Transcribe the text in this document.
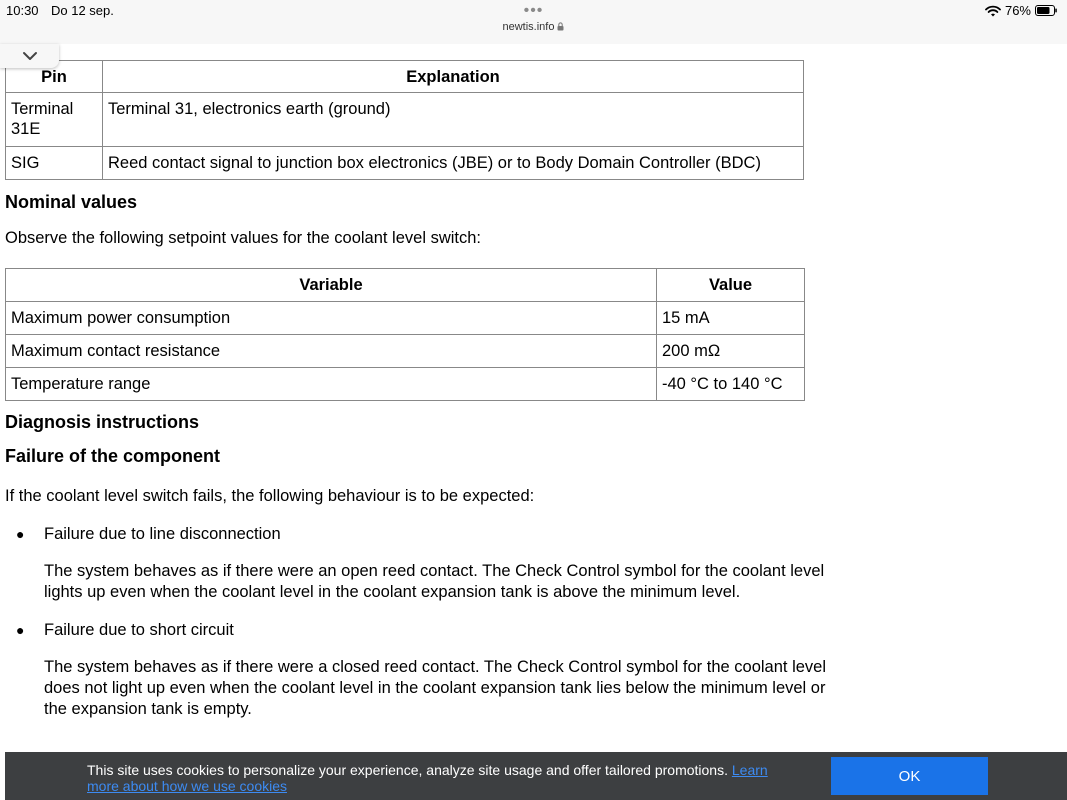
10:30 Do 12 sep.	•••
newtis.info
76%
Pin	Explanation
Terminal 31E	Terminal 31, electronics earth (ground)
SIG	Reed contact signal to junction box electronics (JBE) or to Body Domain Controller (BDC)
Nominal values

Observe the following setpoint values for the coolant level switch:

Variable	Value
Maximum power consumption	15 mA
Maximum contact resistance	200 mΩ
Temperature range	-40 °C to 140 °C
Diagnosis instructions
Failure of the component

If the coolant level switch fails, the following behaviour is to be expected:

● Failure due to line disconnection

The system behaves as if there were an open reed contact. The Check Control symbol for the coolant level lights up even when the coolant level in the coolant expansion tank is above the minimum level.

● Failure due to short circuit

The system behaves as if there were a closed reed contact. The Check Control symbol for the coolant level does not light up even when the coolant level in the coolant expansion tank lies below the minimum level or the expansion tank is empty.

This site uses cookies to personalize your experience, analyze site usage and offer tailored promotions. Learn more about how we use cookies
OK
